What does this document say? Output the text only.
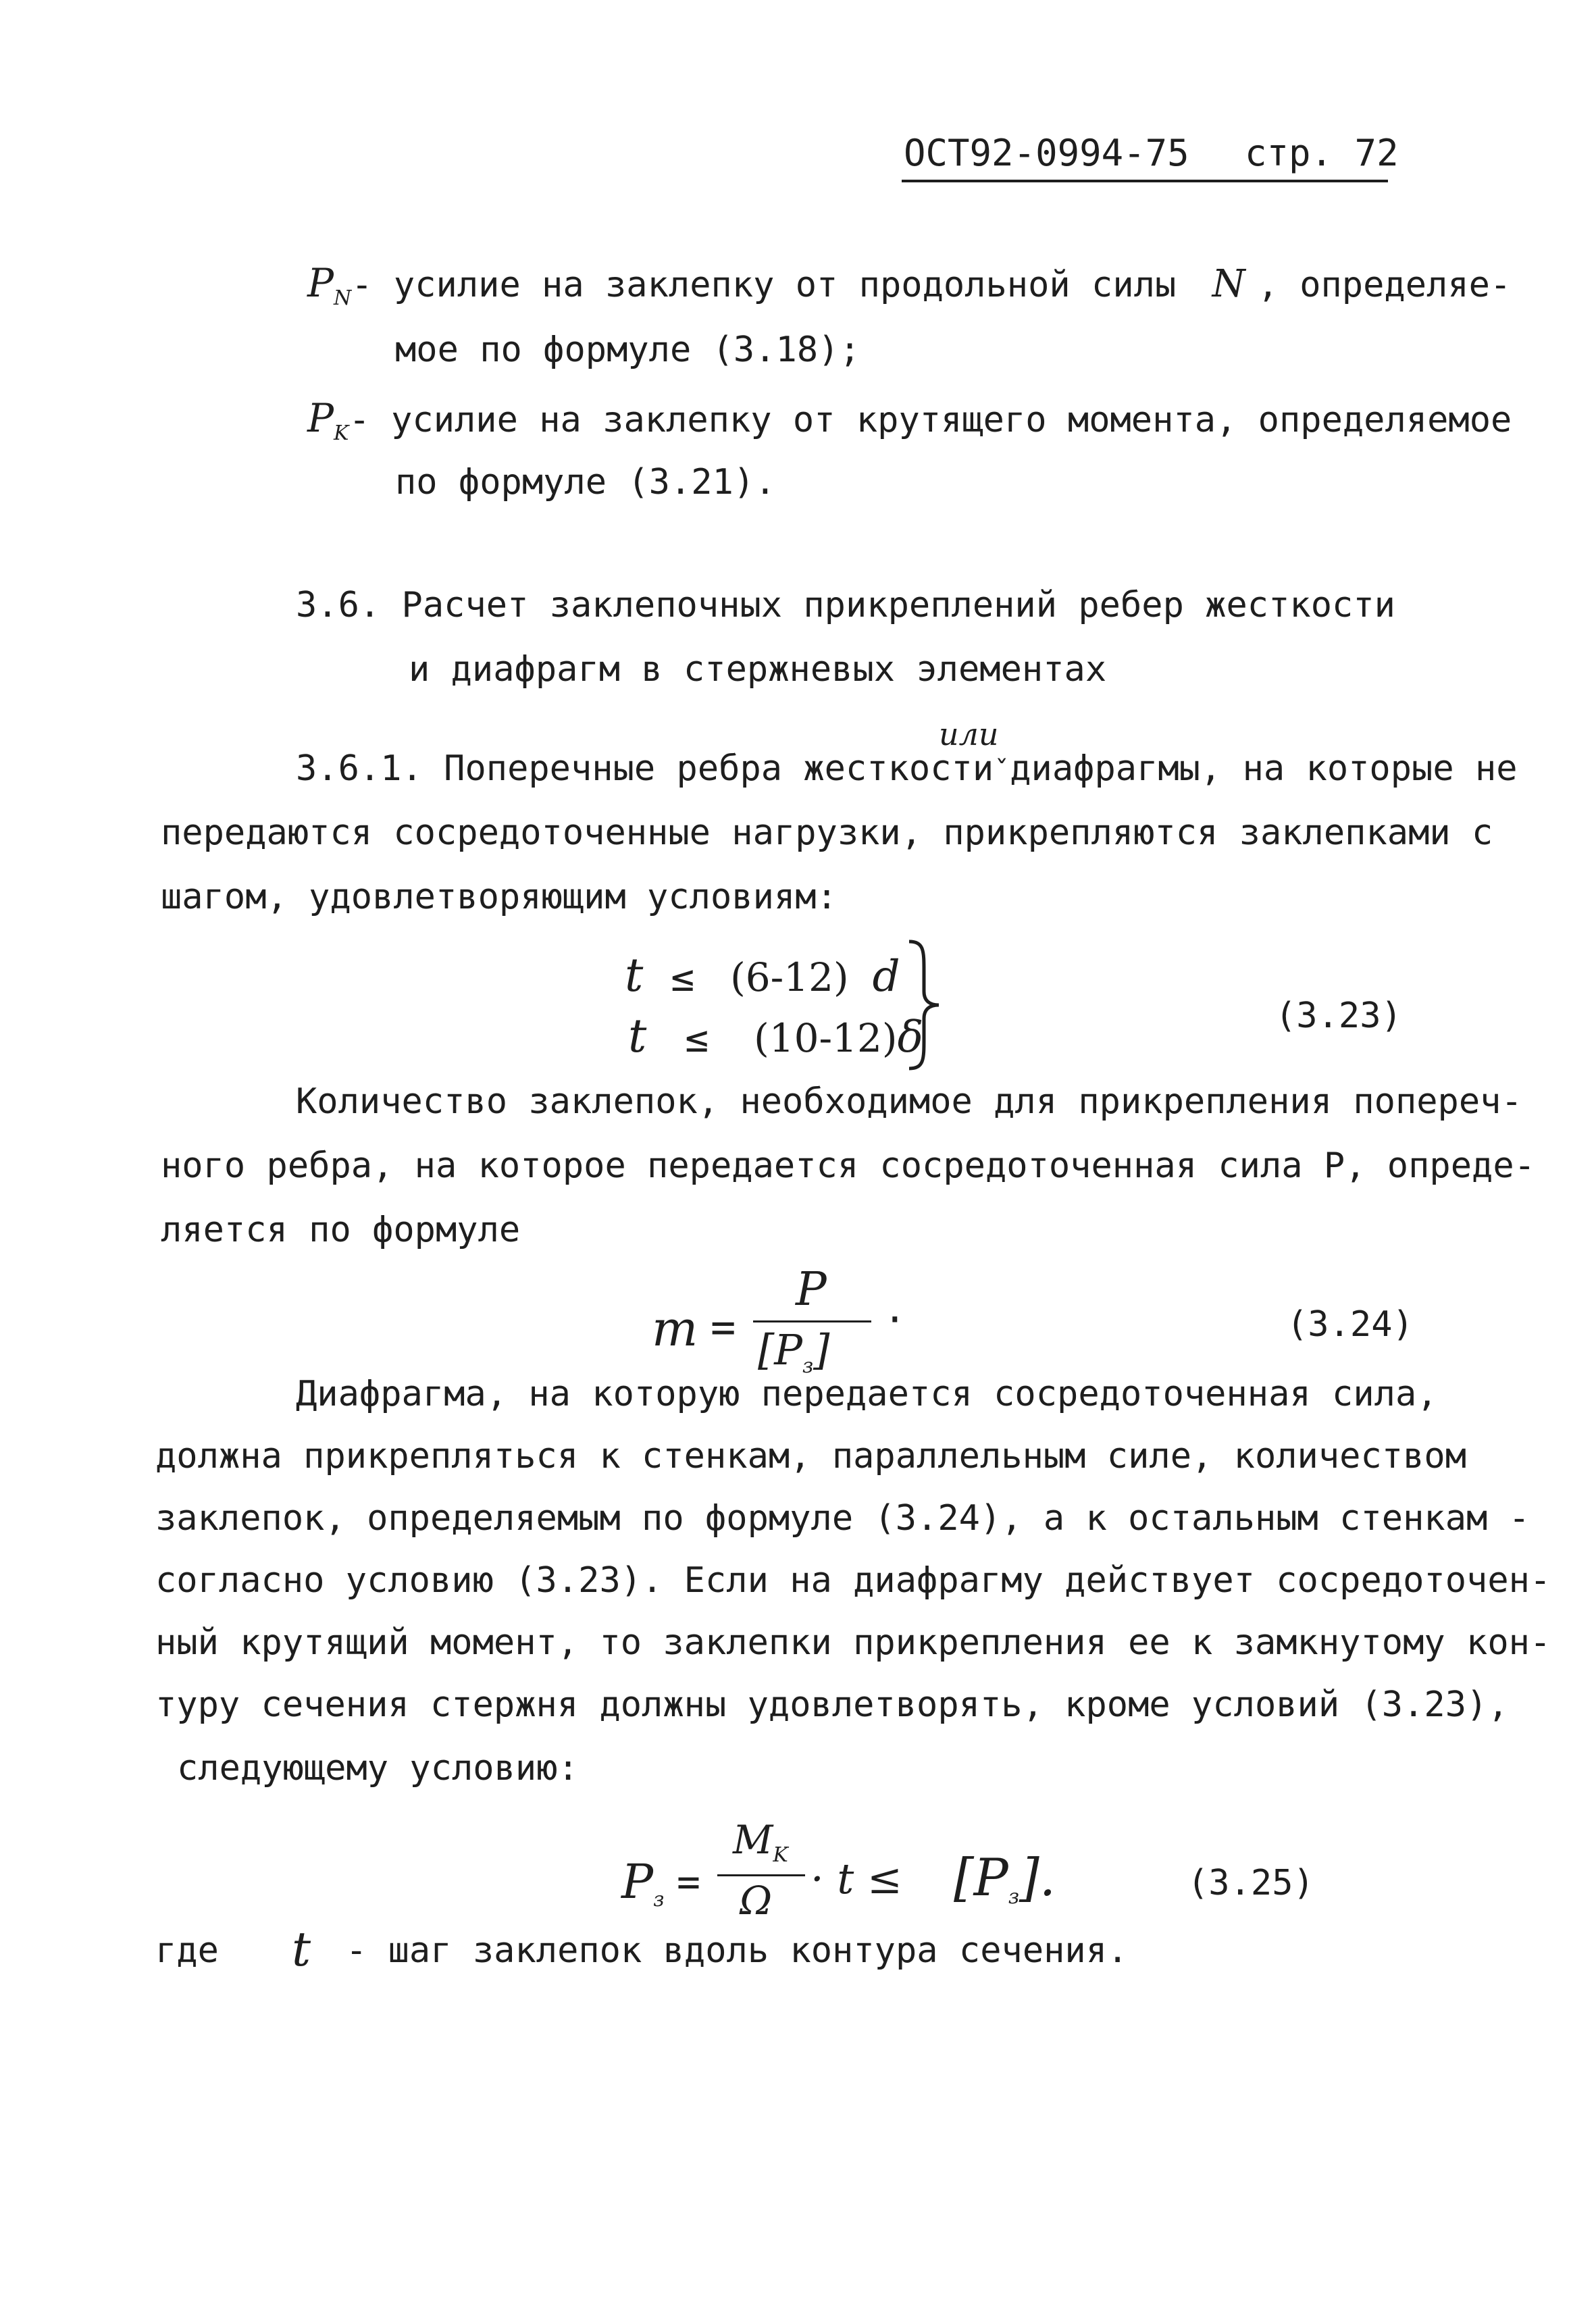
ОСТ92-0994-75 стр. 72
$P_N-$ усилие на заклепку от продольной силы N , определяе-
мое по формуле (3.18);
$P_K-$ усилие на заклепку от крутящего момента, определяемое
по формуле (3.21).
3.6. Расчет заклепочных прикреплений ребер жесткости
и диафрагм в стержневых элементах
или
3.6.1. Поперечные ребра жесткостиˇдиафрагмы, на которые не
передаются сосредоточенные нагрузки, прикрепляются заклепками с
шагом, удовлетворяющим условиям:
t ≤ (6-12) d
t ≤ (10-12)δ	(3.23)
Количество заклепок, необходимое для прикрепления попереч-
ного ребра, на которое передается сосредоточенная сила Р, опреде-
ляется по формуле
m =
P
$[P_з]$
·	(3.24)
Диафрагма, на которую передается сосредоточенная сила,
должна прикрепляться к стенкам, параллельным силе, количеством
заклепок, определяемым по формуле (3.24), а к остальным стенкам -
согласно условию (3.23). Если на диафрагму действует сосредоточен-
ный крутящий момент, то заклепки прикрепления ее к замкнутому кон-
туру сечения стержня должны удовлетворять, кроме условий (3.23),
следующему условию:
$P_з$ =
$M_K$
$\Omega \cdot t \le [P_з]$.	(3.25)
где t - шаг заклепок вдоль контура сечения.
